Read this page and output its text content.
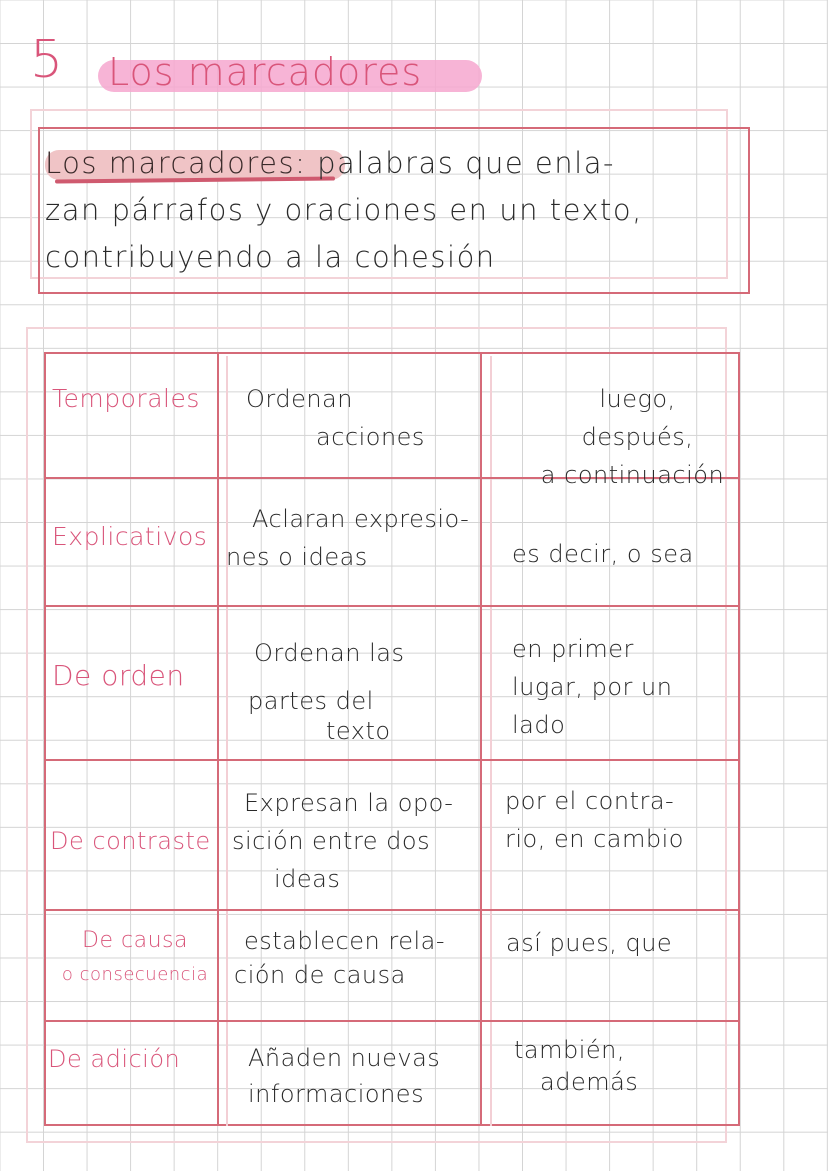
5 Los marcadores
Los marcadores: palabras que enla-
zan párrafos y oraciones en un texto,
contribuyendo a la cohesión
Temporales Ordenan
acciones
luego, después,
a continuación
Explicativos
Aclaran expresio-
nes o ideas	es decir, o sea
De orden
Ordenan las
partes del
texto
en primer
lugar, por un
lado
De contraste
Expresan la opo-
sición entre dos
ideas
por el contra-
rio, en cambio
De causa
o consecuencia
establecen rela-
ción de causa
así pues, que
De adición	Añaden nuevas
informaciones
también,
además
